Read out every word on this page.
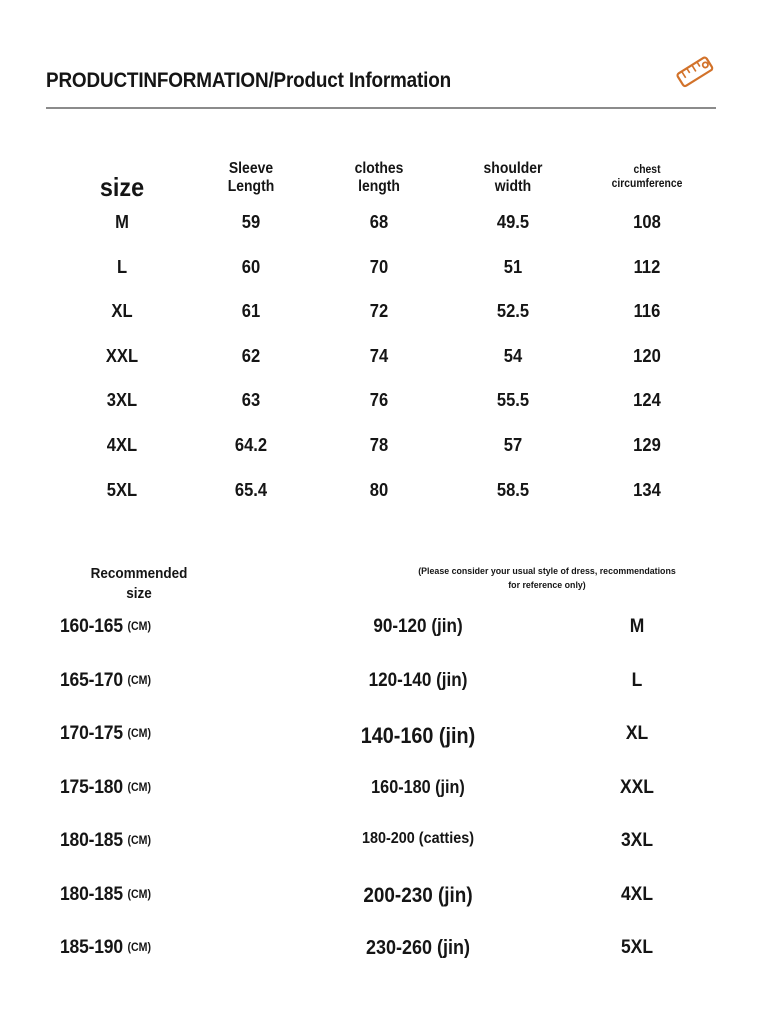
PRODUCTINFORMATION/Product Information
size
Sleeve
Length
clothes
length
shoulder
width
chest
circumference
M	59	68	49.5	108
L	60	70	51	112
XL	61	72	52.5	116
XXL	62	74	54	120
3XL	63	76	55.5	124
4XL	64.2	78	57	129
5XL	65.4	80	58.5	134
Recommended size
(Please consider your usual style of dress, recommendations for reference only)
160-165 (CM)	90-120 (jin)	M
165-170 (CM)	120-140 (jin)	L
170-175 (CM)	140-160 (jin)	XL
175-180 (CM)	160-180 (jin)	XXL
180-185 (CM)	180-200 (catties)	3XL
180-185 (CM)	200-230 (jin)	4XL
185-190 (CM)	230-260 (jin)	5XL
